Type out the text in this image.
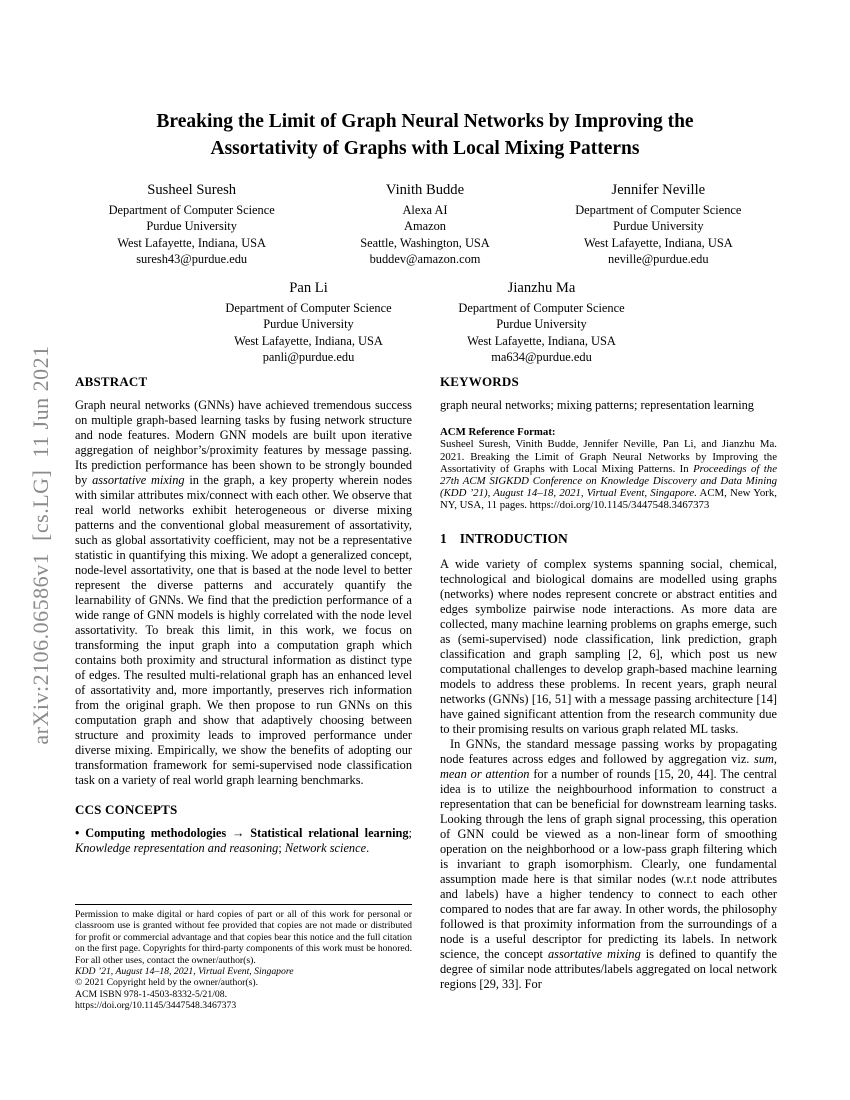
arXiv:2106.06586v1  [cs.LG]  11 Jun 2021
Breaking the Limit of Graph Neural Networks by Improving the
Assortativity of Graphs with Local Mixing Patterns
Susheel Suresh
Department of Computer Science
Purdue University
West Lafayette, Indiana, USA
suresh43@purdue.edu
Vinith Budde
Alexa AI
Amazon
Seattle, Washington, USA
buddev@amazon.com
Jennifer Neville
Department of Computer Science
Purdue University
West Lafayette, Indiana, USA
neville@purdue.edu
Pan Li
Department of Computer Science
Purdue University
West Lafayette, Indiana, USA
panli@purdue.edu
Jianzhu Ma
Department of Computer Science
Purdue University
West Lafayette, Indiana, USA
ma634@purdue.edu
ABSTRACT

Graph neural networks (GNNs) have achieved tremendous success on multiple graph-based learning tasks by fusing network structure and node features. Modern GNN models are built upon iterative aggregation of neighbor’s/proximity features by message passing. Its prediction performance has been shown to be strongly bounded by assortative mixing in the graph, a key property wherein nodes with similar attributes mix/connect with each other. We observe that real world networks exhibit heterogeneous or diverse mixing patterns and the conventional global measurement of assortativity, such as global assortativity coefficient, may not be a representative statistic in quantifying this mixing. We adopt a generalized concept, node-level assortativity, one that is based at the node level to better represent the diverse patterns and accurately quantify the learnability of GNNs. We find that the prediction performance of a wide range of GNN models is highly correlated with the node level assortativity. To break this limit, in this work, we focus on transforming the input graph into a computation graph which contains both proximity and structural information as distinct type of edges. The resulted multi-relational graph has an enhanced level of assortativity and, more importantly, preserves rich information from the original graph. We then propose to run GNNs on this computation graph and show that adaptively choosing between structure and proximity leads to improved performance under diverse mixing. Empirically, we show the benefits of adopting our transformation framework for semi-supervised node classification task on a variety of real world graph learning benchmarks.

CCS CONCEPTS

• Computing methodologies → Statistical relational learning; Knowledge representation and reasoning; Network science.

KEYWORDS

graph neural networks; mixing patterns; representation learning

ACM Reference Format:

Susheel Suresh, Vinith Budde, Jennifer Neville, Pan Li, and Jianzhu Ma. 2021. Breaking the Limit of Graph Neural Networks by Improving the Assortativity of Graphs with Local Mixing Patterns. In Proceedings of the 27th ACM SIGKDD Conference on Knowledge Discovery and Data Mining (KDD ’21), August 14–18, 2021, Virtual Event, Singapore. ACM, New York, NY, USA, 11 pages. https://doi.org/10.1145/3447548.3467373

1 INTRODUCTION

A wide variety of complex systems spanning social, chemical, technological and biological domains are modelled using graphs (networks) where nodes represent concrete or abstract entities and edges symbolize pairwise node interactions. As more data are collected, many machine learning problems on graphs emerge, such as (semi-supervised) node classification, link prediction, graph classification and graph sampling [2, 6], which post us new computational challenges to develop graph-based machine learning models to address these problems. In recent years, graph neural networks (GNNs) [16, 51] with a message passing architecture [14] have gained significant attention from the research community due to their promising results on various graph related ML tasks.

In GNNs, the standard message passing works by propagating node features across edges and followed by aggregation viz. sum, mean or attention for a number of rounds [15, 20, 44]. The central idea is to utilize the neighbourhood information to construct a representation that can be beneficial for downstream learning tasks. Looking through the lens of graph signal processing, this operation of GNN could be viewed as a non-linear form of smoothing operation on the neighborhood or a low-pass graph filtering which is invariant to graph isomorphism. Clearly, one fundamental assumption made here is that similar nodes (w.r.t node attributes and labels) have a higher tendency to connect to each other compared to nodes that are far away. In other words, the philosophy followed is that proximity information from the surroundings of a node is a useful descriptor for predicting its labels. In network science, the concept assortative mixing is defined to quantify the degree of similar node attributes/labels aggregated on local network regions [29, 33]. For

Permission to make digital or hard copies of part or all of this work for personal or classroom use is granted without fee provided that copies are not made or distributed for profit or commercial advantage and that copies bear this notice and the full citation on the first page. Copyrights for third-party components of this work must be honored. For all other uses, contact the owner/author(s).

KDD ’21, August 14–18, 2021, Virtual Event, Singapore

© 2021 Copyright held by the owner/author(s).

ACM ISBN 978-1-4503-8332-5/21/08.

https://doi.org/10.1145/3447548.3467373
